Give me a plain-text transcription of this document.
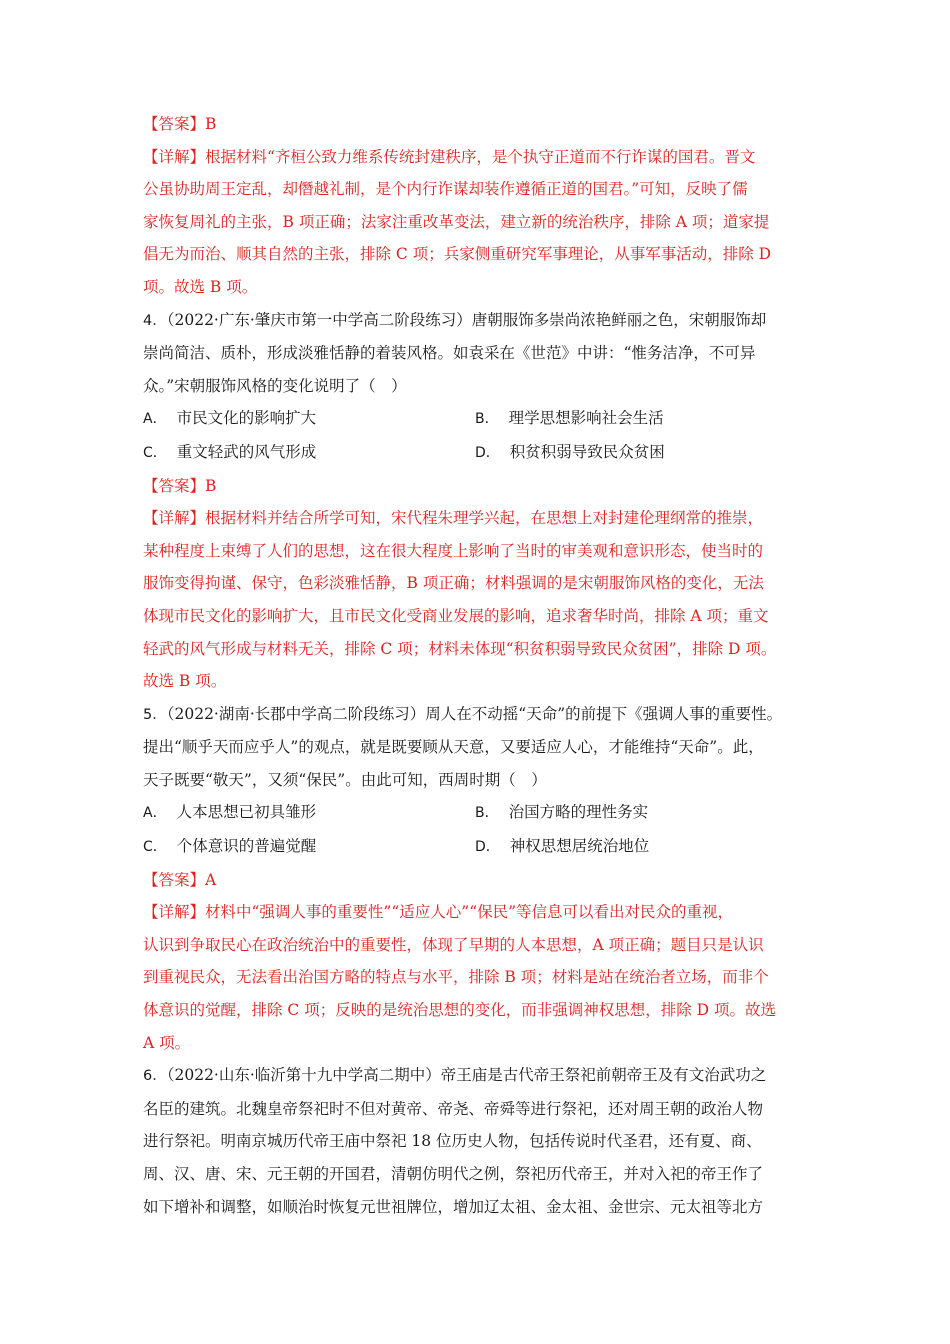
【答案】B
【详解】根据材料“齐桓公致力维系传统封建秩序，是个执守正道而不行诈谋的国君。晋文
公虽协助周王定乱，却僭越礼制，是个内行诈谋却装作遵循正道的国君。”可知，反映了儒
家恢复周礼的主张，B 项正确；法家注重改革变法，建立新的统治秩序，排除 A 项；道家提
倡无为而治、顺其自然的主张，排除 C 项；兵家侧重研究军事理论，从事军事活动，排除 D
项。故选 B 项。
4．（2022·广东·肇庆市第一中学高二阶段练习）唐朝服饰多崇尚浓艳鲜丽之色，宋朝服饰却
崇尚简洁、质朴，形成淡雅恬静的着装风格。如袁采在《世范》中讲：“惟务洁净，不可异
众。”宋朝服饰风格的变化说明了（　）
A． 市民文化的影响扩大	B． 理学思想影响社会生活
C． 重文轻武的风气形成	D． 积贫积弱导致民众贫困
【答案】B
【详解】根据材料并结合所学可知，宋代程朱理学兴起，在思想上对封建伦理纲常的推崇，
某种程度上束缚了人们的思想，这在很大程度上影响了当时的审美观和意识形态，使当时的
服饰变得拘谨、保守，色彩淡雅恬静，B 项正确；材料强调的是宋朝服饰风格的变化，无法
体现市民文化的影响扩大，且市民文化受商业发展的影响，追求奢华时尚，排除 A 项；重文
轻武的风气形成与材料无关，排除 C 项；材料未体现“积贫积弱导致民众贫困”，排除 D 项。
故选 B 项。
5．（2022·湖南·长郡中学高二阶段练习）周人在不动摇“天命”的前提下《强调人事的重要性。
提出“顺乎天而应乎人”的观点，就是既要顾从天意，又要适应人心，才能维持“天命”。此，
天子既要“敬天”，又须“保民”。由此可知，西周时期（　）
A． 人本思想已初具雏形	B． 治国方略的理性务实
C． 个体意识的普遍觉醒	D． 神权思想居统治地位
【答案】A
【详解】材料中“强调人事的重要性”“适应人心”“保民”等信息可以看出对民众的重视，
认识到争取民心在政治统治中的重要性，体现了早期的人本思想，A 项正确；题目只是认识
到重视民众，无法看出治国方略的特点与水平，排除 B 项；材料是站在统治者立场，而非个
体意识的觉醒，排除 C 项；反映的是统治思想的变化，而非强调神权思想，排除 D 项。故选
A 项。
6．（2022·山东·临沂第十九中学高二期中）帝王庙是古代帝王祭祀前朝帝王及有文治武功之
名臣的建筑。北魏皇帝祭祀时不但对黄帝、帝尧、帝舜等进行祭祀，还对周王朝的政治人物
进行祭祀。明南京城历代帝王庙中祭祀 18 位历史人物，包括传说时代圣君，还有夏、商、
周、汉、唐、宋、元王朝的开国君，清朝仿明代之例，祭祀历代帝王，并对入祀的帝王作了
如下增补和调整，如顺治时恢复元世祖牌位，增加辽太祖、金太祖、金世宗、元太祖等北方
